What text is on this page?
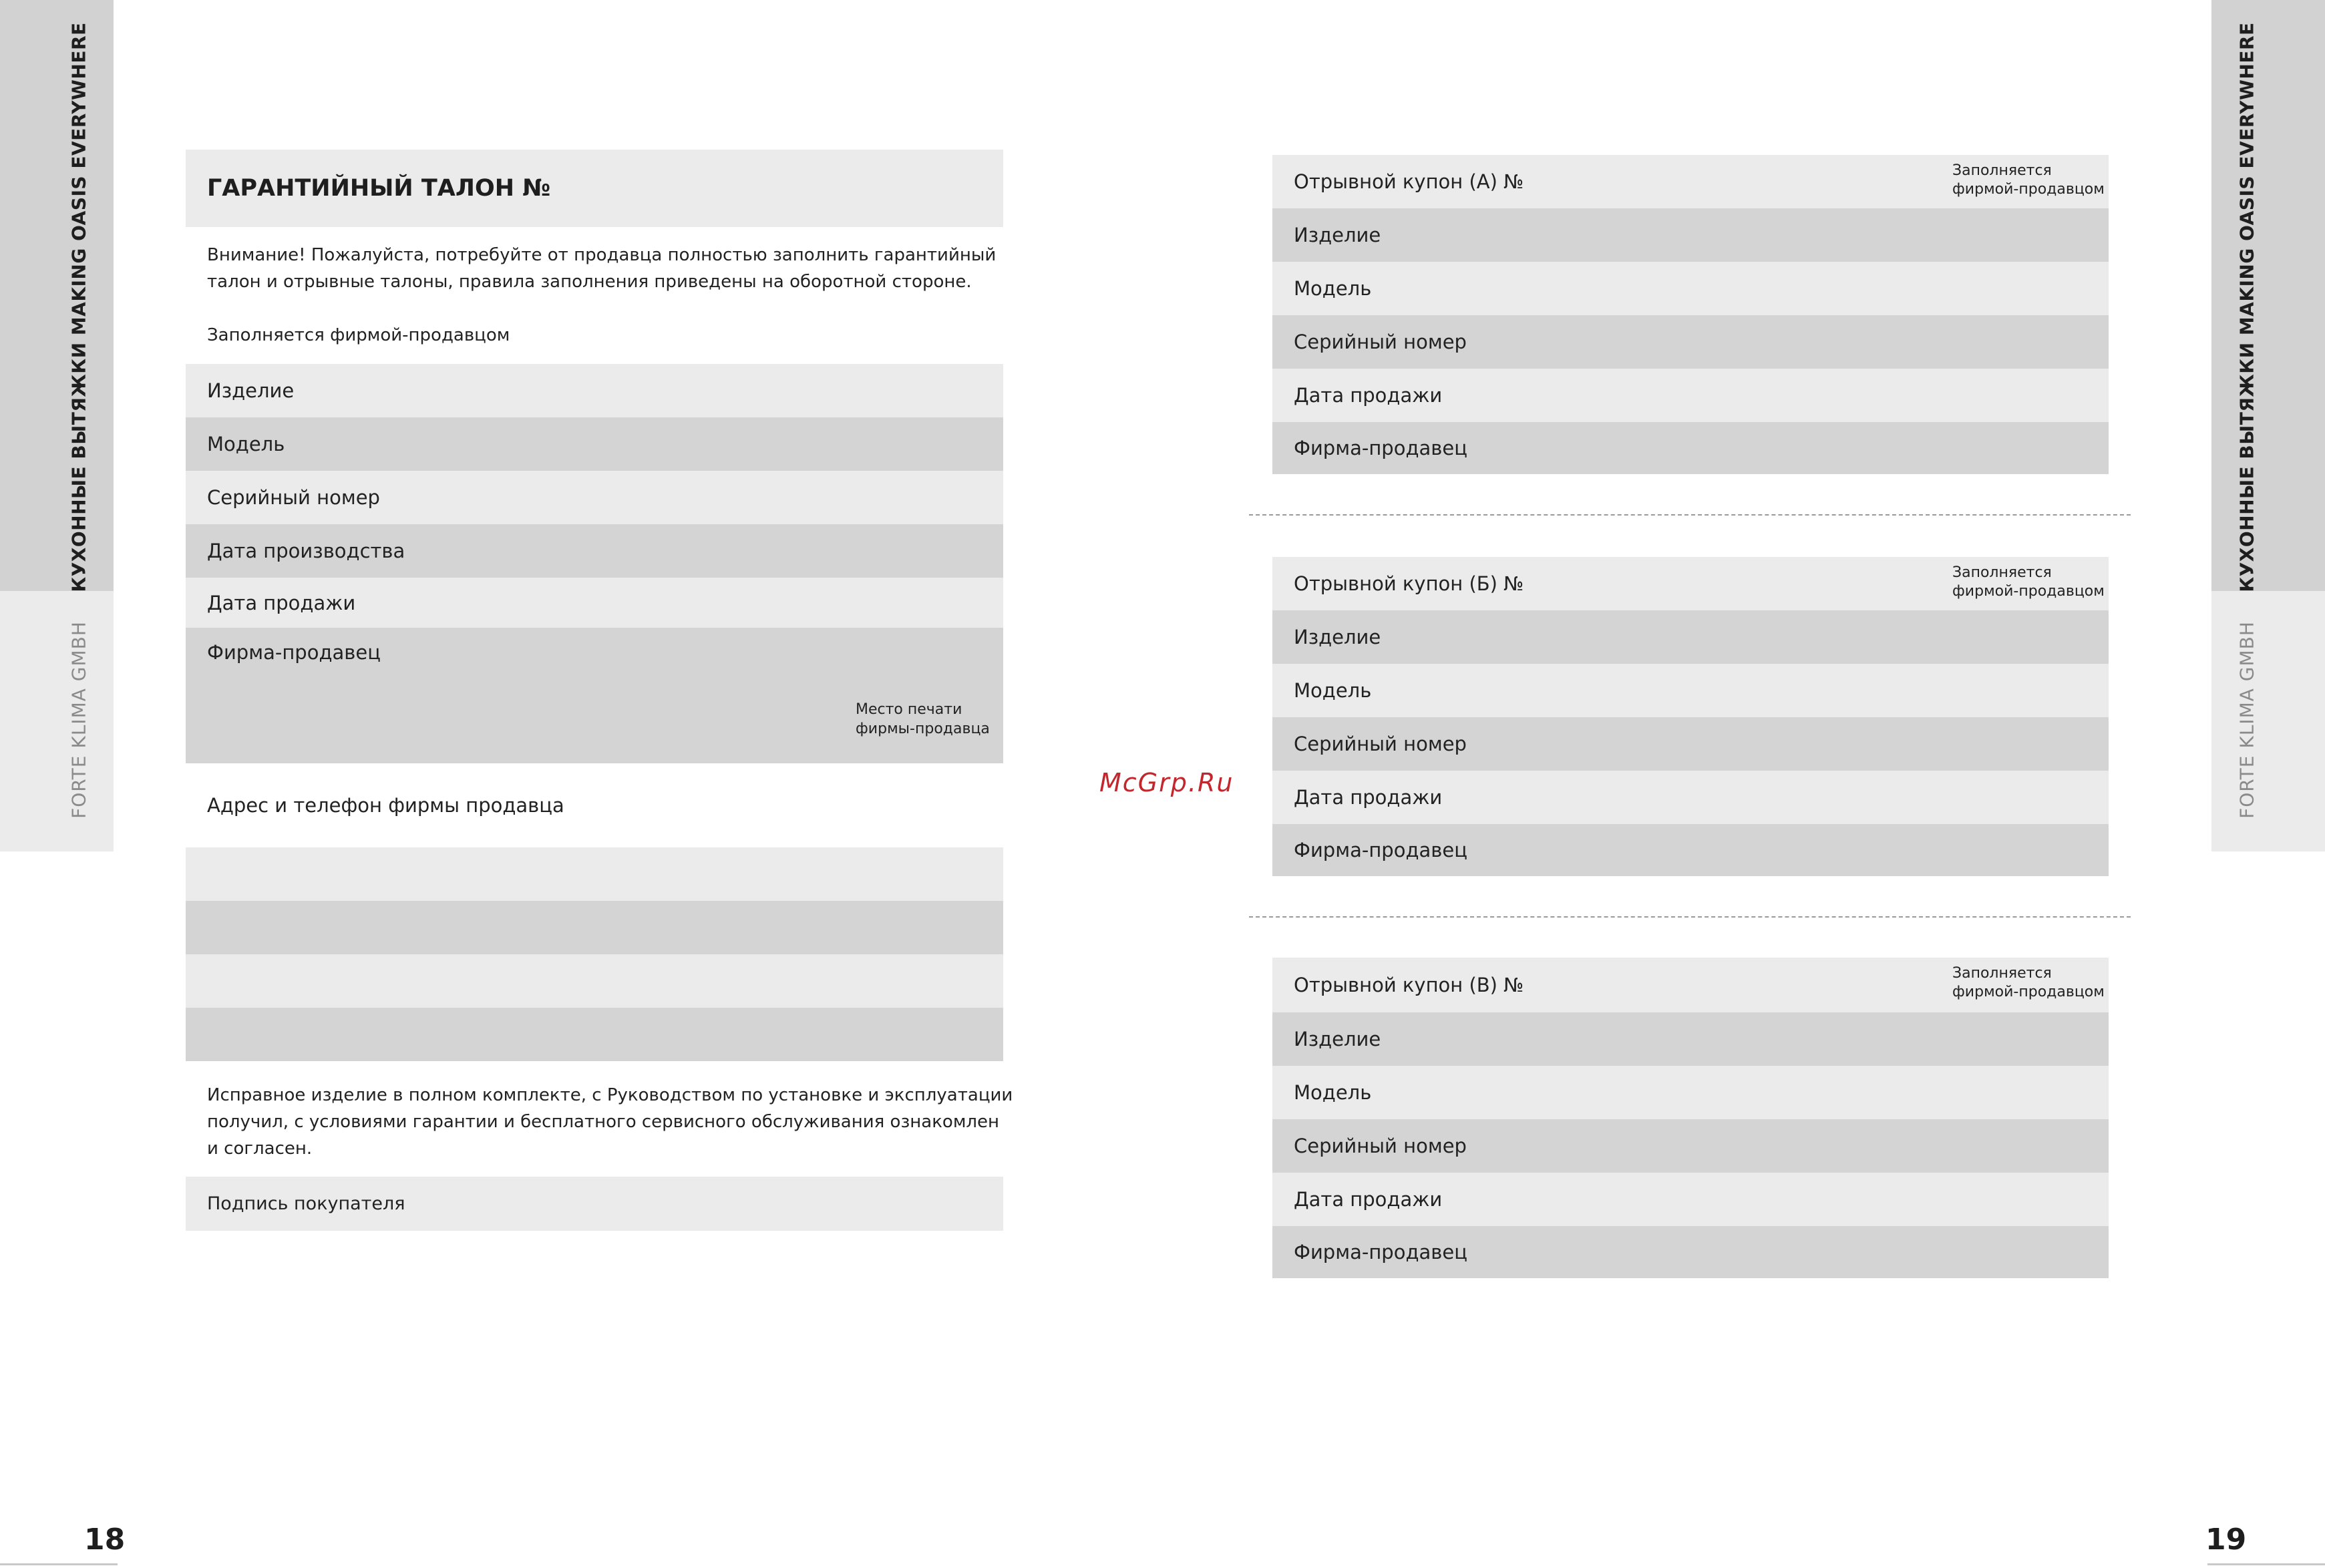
КУХОННЫЕ ВЫТЯЖКИ MAKING OASIS EVERYWHERE
FORTE KLIMA GMBH
КУХОННЫЕ ВЫТЯЖКИ MAKING OASIS EVERYWHERE
FORTE KLIMA GMBH
ГАРАНТИЙНЫЙ ТАЛОН №
Внимание! Пожалуйста, потребуйте от продавца полностью заполнить гарантийный
талон и отрывные талоны, правила заполнения приведены на оборотной стороне.
Заполняется фирмой-продавцом
Изделие
Модель
Серийный номер
Дата производства
Дата продажи
Фирма-продавец
Место печати
фирмы-продавца
Адрес и телефон фирмы продавца
Исправное изделие в полном комплекте, с Руководством по установке и эксплуатации
получил, с условиями гарантии и бесплатного сервисного обслуживания ознакомлен
и согласен.
Подпись покупателя
McGrp.Ru
Отрывной купон (А) №	Заполняется
фирмой-продавцом
Изделие
Модель
Серийный номер
Дата продажи
Фирма-продавец
Отрывной купон (Б) №	Заполняется
фирмой-продавцом
Изделие
Модель
Серийный номер
Дата продажи
Фирма-продавец
Отрывной купон (В) №
Заполняется
фирмой-продавцом
Изделие
Модель
Серийный номер
Дата продажи
Фирма-продавец
18	19
